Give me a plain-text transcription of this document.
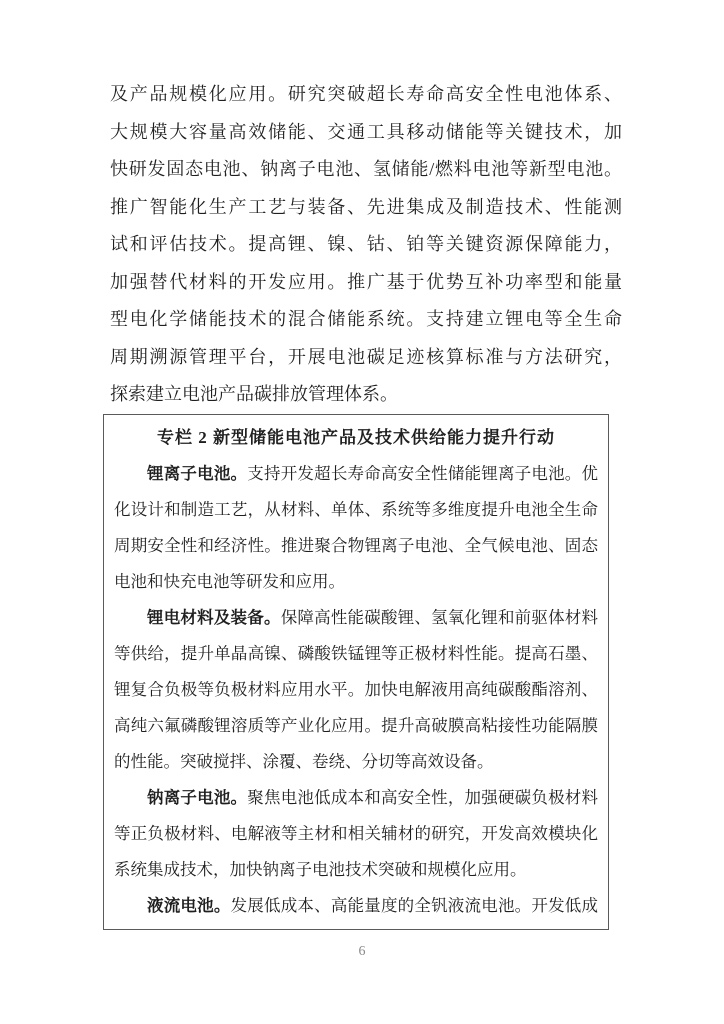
及产品规模化应用。研究突破超长寿命高安全性电池体系、
大规模大容量高效储能、交通工具移动储能等关键技术，加
快研发固态电池、钠离子电池、氢储能/燃料电池等新型电池。
推广智能化生产工艺与装备、先进集成及制造技术、性能测
试和评估技术。提高锂、镍、钴、铂等关键资源保障能力，
加强替代材料的开发应用。推广基于优势互补功率型和能量
型电化学储能技术的混合储能系统。支持建立锂电等全生命
周期溯源管理平台，开展电池碳足迹核算标准与方法研究，
探索建立电池产品碳排放管理体系。
专栏 2 新型储能电池产品及技术供给能力提升行动
锂离子电池。支持开发超长寿命高安全性储能锂离子电池。优
化设计和制造工艺，从材料、单体、系统等多维度提升电池全生命
周期安全性和经济性。推进聚合物锂离子电池、全气候电池、固态
电池和快充电池等研发和应用。
锂电材料及装备。保障高性能碳酸锂、氢氧化锂和前驱体材料
等供给，提升单晶高镍、磷酸铁锰锂等正极材料性能。提高石墨、
锂复合负极等负极材料应用水平。加快电解液用高纯碳酸酯溶剂、
高纯六氟磷酸锂溶质等产业化应用。提升高破膜高粘接性功能隔膜
的性能。突破搅拌、涂覆、卷绕、分切等高效设备。
钠离子电池。聚焦电池低成本和高安全性，加强硬碳负极材料
等正负极材料、电解液等主材和相关辅材的研究，开发高效模块化
系统集成技术，加快钠离子电池技术突破和规模化应用。
液流电池。发展低成本、高能量度的全钒液流电池。开发低成
6
